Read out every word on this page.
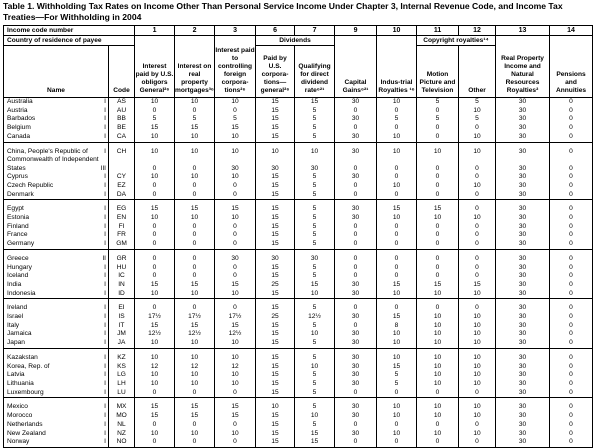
Table 1. Withholding Tax Rates on Income Other Than Personal Service Income Under Chapter 3, Internal Revenue Code, and Income Tax Treaties—For Withholding in 2004
Income code number		1	2	3	6	7	9	10	11	12	13	14
Country of residence of payee		Interest paid by U.S. obligors General²⁶	Interest on real property mortgages³⁶	Interest paid to controlling foreign corpora-tions²⁶	Dividends		Capital Gains⁶²¹	Indus-trial Royalties ¹⁶	Copyright royalties¹⁴		Real Property Income and Natural Resources Royalties²	Pensions and Annuities
Name	Code				Paid by U.S. corpora-tions— general²⁶	Qualifying for direct dividend rate⁶²¹			Motion Picture and Television	Other		
Australia I	AS	10	10	10	15	15	30	10	5	5	30	0
Austria I	AU	0	0	0	15	5	0	0	0	10	30	0
Barbados I	BB	5	5	5	15	5	30	5	5	5	30	0
Belgium I	BE	15	15	15	15	5	0	0	0	0	30	0
Canada I	CA	10	10	10	15	5	30	10	0	10	30	0

China, People's Republic of I	CH	10	10	10	10	10	30	10	10	10	30	0
Commonwealth of Independent States III		0	0	30	30	30	0	0	0	0	30	0
Cyprus I	CY	10	10	10	15	5	30	0	0	0	30	0
Czech Republic I	EZ	0	0	0	15	5	0	10	0	10	30	0
Denmark I	DA	0	0	0	15	5	0	0	0	0	30	0

Egypt I	EG	15	15	15	15	5	30	15	15	0	30	0
Estonia I	EN	10	10	10	15	5	30	10	10	10	30	0
Finland I	FI	0	0	0	15	5	0	0	0	0	30	0
France I	FR	0	0	0	15	5	0	0	0	0	30	0
Germany I	GM	0	0	0	15	5	0	0	0	0	30	0

Greece II	GR	0	0	30	30	30	0	0	0	0	30	0
Hungary I	HU	0	0	0	15	5	0	0	0	0	30	0
Iceland I	IC	0	0	0	15	5	0	0	0	0	30	0
India I	IN	15	15	15	25	15	30	15	15	15	30	0
Indonesia I	ID	10	10	10	15	10	30	10	10	10	30	0

Ireland I	EI	0	0	0	15	5	0	0	0	0	30	0
Israel I	IS	17½	17½	17½	25	12½	30	15	10	10	30	0
Italy I	IT	15	15	15	15	5	0	8	10	10	30	0
Jamaica I	JM	12½	12½	12½	15	10	30	10	10	10	30	0
Japan I	JA	10	10	10	15	5	30	10	10	10	30	0

Kazakstan I	KZ	10	10	10	15	5	30	10	10	10	30	0
Korea, Rep. of I	KS	12	12	12	15	10	30	15	10	10	30	0
Latvia I	LG	10	10	10	15	5	30	5	10	10	30	0
Lithuania I	LH	10	10	10	15	5	30	5	10	10	30	0
Luxembourg I	LU	0	0	0	15	5	0	0	0	0	30	0

Mexico I	MX	15	15	15	10	5	30	10	10	10	30	0
Morocco I	MO	15	15	15	15	10	30	10	10	10	30	0
Netherlands I	NL	0	0	0	15	5	0	0	0	0	30	0
New Zealand I	NZ	10	10	10	15	15	30	10	10	10	30	0
Norway I	NO	0	0	0	15	15	0	0	0	0	30	0
